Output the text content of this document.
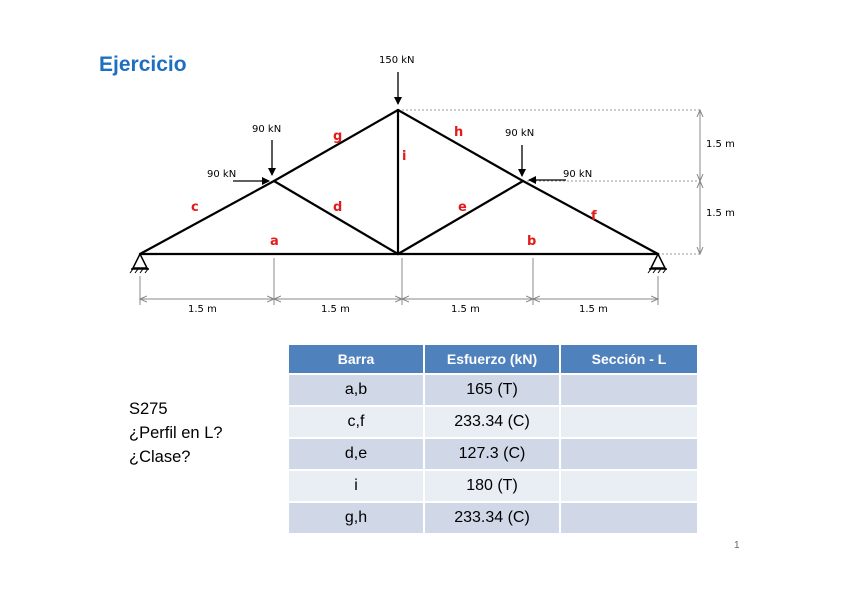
Ejercicio	150 kN
90 kN
90 kN
90 kN
90 kN
a	b
c	d	e
f
g	h
i
1.5 m	1.5 m	1.5 m	1.5 m
1.5 m
1.5 m
S275
¿Perfil en L?
¿Clase?
Barra	Esfuerzo (kN)	Sección - L
a,b	165 (T)	
c,f	233.34 (C)	
d,e	127.3 (C)	
i	180 (T)	
g,h	233.34 (C)	
1
